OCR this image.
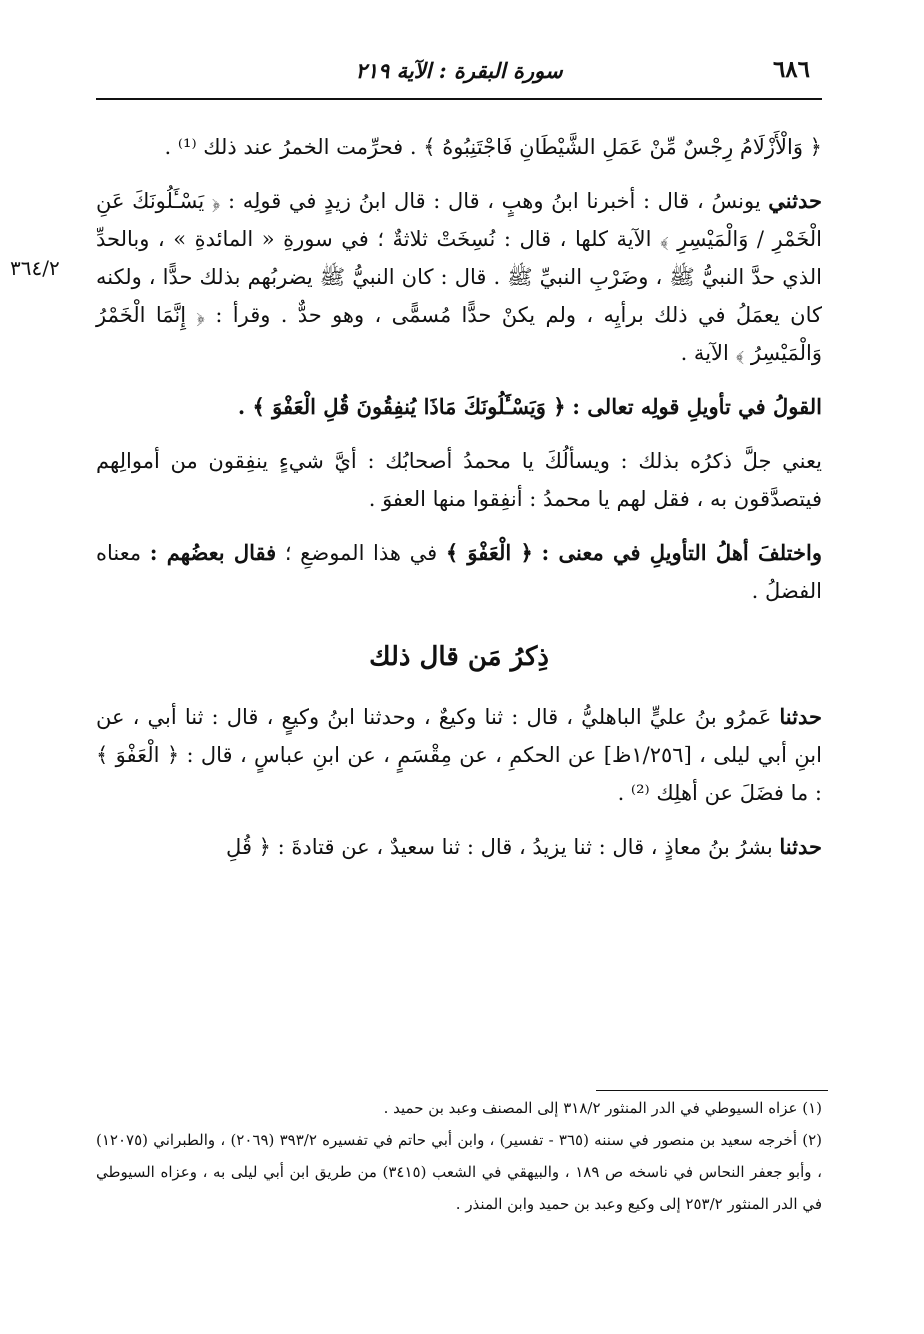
٦٨٦
سورة البقرة : الآية ٢١٩
٣٦٤/٢

﴿ وَالْأَزْلَامُ رِجْسٌ مِّنْ عَمَلِ الشَّيْطَانِ فَاجْتَنِبُوهُ ﴾ . فحرِّمت الخمرُ عند ذلك ⁽¹⁾ .

حدثني يونسُ ، قال : أخبرنا ابنُ وهبٍ ، قال : قال ابنُ زيدٍ في قولِه : ﴿ يَسْـَٔلُونَكَ عَنِ الْخَمْرِ / وَالْمَيْسِرِ ﴾ الآية كلها ، قال : نُسِخَتْ ثلاثةٌ ؛ في سورةِ « المائدةِ » ، وبالحدِّ الذي حدَّ النبيُّ ﷺ ، وضَرْبِ النبيِّ ﷺ . قال : كان النبيُّ ﷺ يضربُهم بذلك حدًّا ، ولكنه كان يعمَلُ في ذلك برأيِه ، ولم يكنْ حدًّا مُسمًّى ، وهو حدٌّ . وقرأ : ﴿ إِنَّمَا الْخَمْرُ وَالْمَيْسِرُ ﴾ الآية .

القولُ في تأويلِ قولِه تعالى : ﴿ وَيَسْـَٔلُونَكَ مَاذَا يُنفِقُونَ قُلِ الْعَفْوَ ﴾ .

يعني جلَّ ذكرُه بذلك : ويسألُكَ يا محمدُ أصحابُك : أيَّ شيءٍ ينفِقون من أموالِهم فيتصدَّقون به ، فقل لهم يا محمدُ : أنفِقوا منها العفوَ .

واختلفَ أهلُ التأويلِ في معنى : ﴿ الْعَفْوَ ﴾ في هذا الموضعِ ؛ فقال بعضُهم : معناه الفضلُ .

ذِكرُ مَن قال ذلك

حدثنا عَمرُو بنُ عليٍّ الباهليُّ ، قال : ثنا وكيعٌ ، وحدثنا ابنُ وكيعٍ ، قال : ثنا أبي ، عن ابنِ أبي ليلى ، [١/٢٥٦ظ] عن الحكمِ ، عن مِقْسَمٍ ، عن ابنِ عباسٍ ، قال : ﴿ الْعَفْوَ ﴾ : ما فضَلَ عن أهلِك ⁽²⁾ .

حدثنا بشرُ بنُ معاذٍ ، قال : ثنا يزيدُ ، قال : ثنا سعيدٌ ، عن قتادةَ : ﴿ قُلِ

(١) عزاه السيوطي في الدر المنثور ٣١٨/٢ إلى المصنف وعبد بن حميد .

(٢) أخرجه سعيد بن منصور في سننه (٣٦٥ - تفسير) ، وابن أبي حاتم في تفسيره ٣٩٣/٢ (٢٠٦٩) ، والطبراني (١٢٠٧٥) ، وأبو جعفر النحاس في ناسخه ص ١٨٩ ، والبيهقي في الشعب (٣٤١٥) من طريق ابن أبي ليلى به ، وعزاه السيوطي في الدر المنثور ٢٥٣/٢ إلى وكيع وعبد بن حميد وابن المنذر .
